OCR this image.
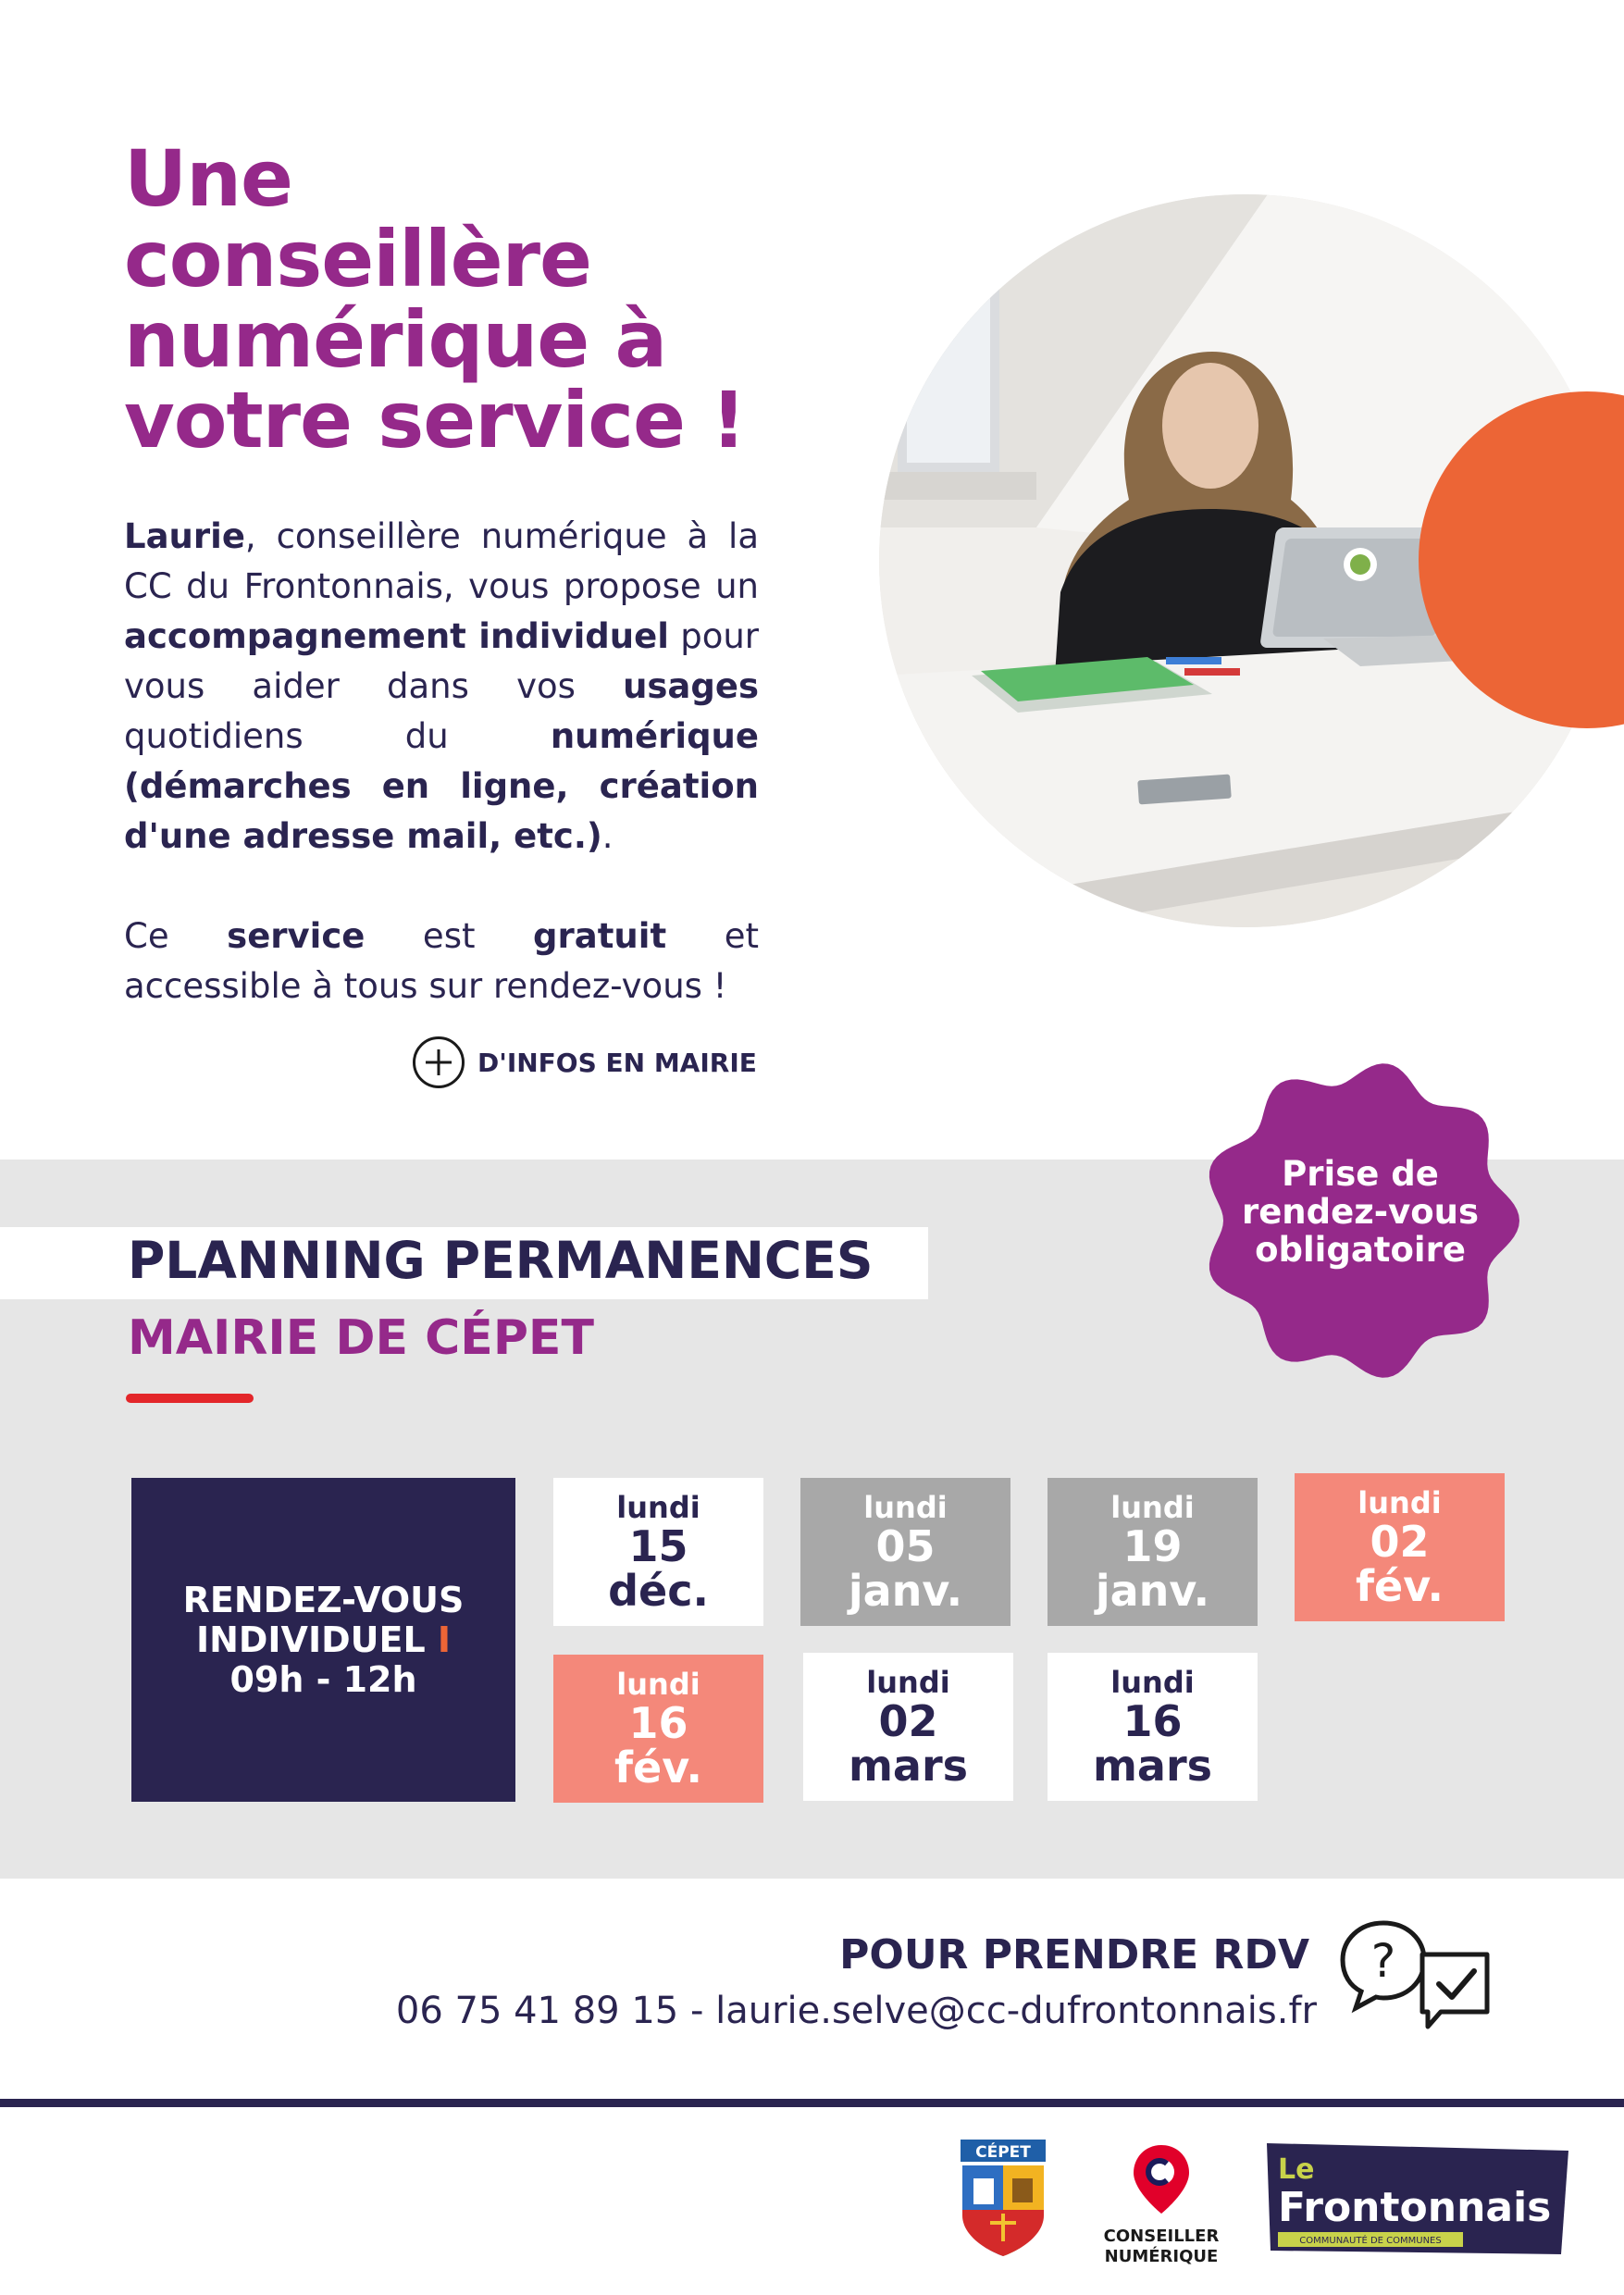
Une
conseillère
numérique à
votre service !
Laurie, conseillère numérique à la CC du Frontonnais, vous propose un accompagnement individuel pour vous aider dans vos usages quotidiens du numérique (démarches en ligne, création d'une adresse mail, etc.).
Ce service est gratuit et accessible à tous sur rendez-vous !
D'INFOS EN MAIRIE
PLANNING PERMANENCES
MAIRIE DE CÉPET
Prise de
rendez-vous
obligatoire
RENDEZ-VOUS
INDIVIDUEL I
09h - 12h
lundi
15
déc.
lundi
05
janv.
lundi
19
janv.
lundi
02
fév.
lundi
16
fév.
lundi
02
mars
lundi
16
mars
POUR PRENDRE RDV
06 75 41 89 15 - laurie.selve@cc-dufrontonnais.fr
?
CÉPET
CONSEILLER
NUMÉRIQUE
Le
Frontonnais
COMMUNAUTÉ DE COMMUNES
